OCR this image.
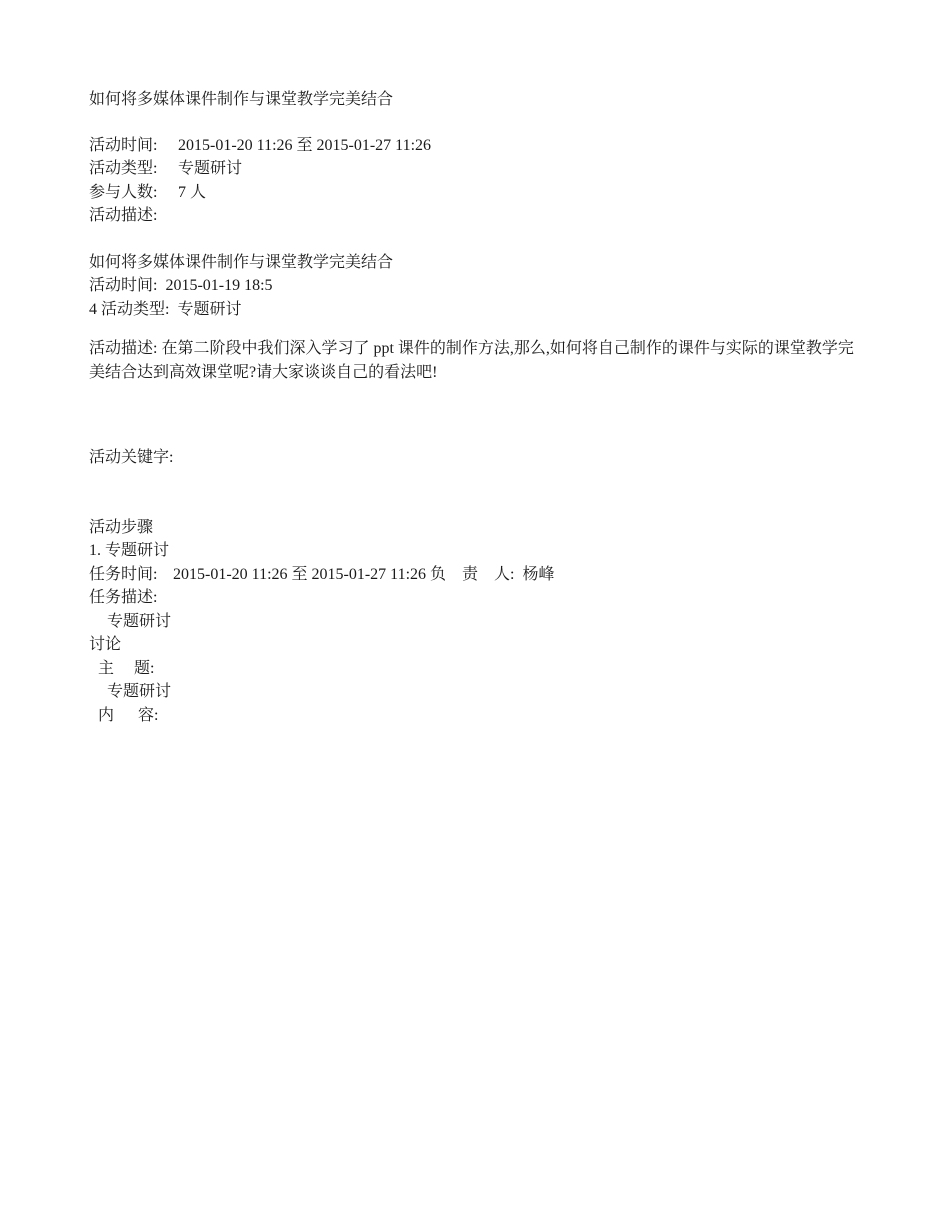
如何将多媒体课件制作与课堂教学完美结合

活动时间: 2015-01-20 11:26 至 2015-01-27 11:26

活动类型: 专题研讨

参与人数: 7 人

活动描述:

如何将多媒体课件制作与课堂教学完美结合

活动时间:  2015-01-19 18:5

4 活动类型:  专题研讨

活动描述: 在第二阶段中我们深入学习了 ppt 课件的制作方法,那么,如何将自己制作的课件与实际的课堂教学完美结合达到高效课堂呢?请大家谈谈自己的看法吧!

活动关键字:

活动步骤

1. 专题研讨

任务时间: 2015-01-20 11:26 至 2015-01-27 11:26 负　责　人: 杨峰

任务描述:

专题研讨

讨论

主　 题:

专题研讨

内　  容:
